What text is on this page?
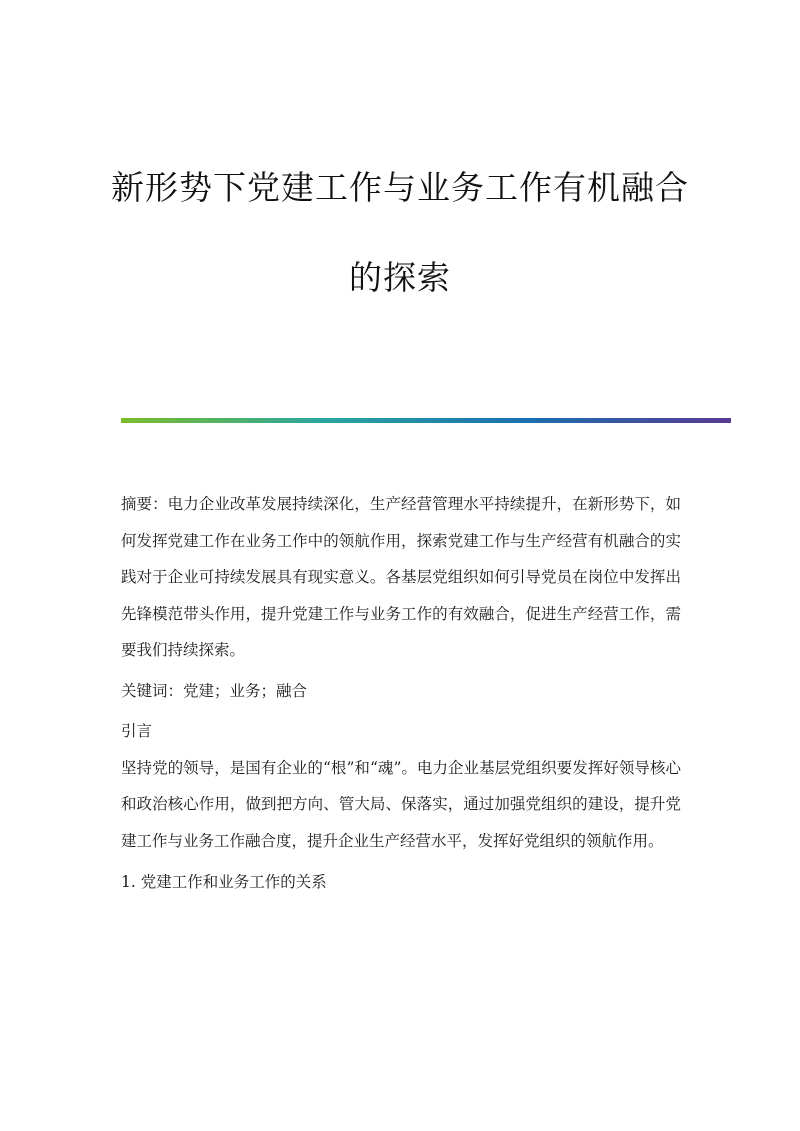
新形势下党建工作与业务工作有机融合
的探索

摘要：电力企业改革发展持续深化，生产经营管理水平持续提升，在新形势下，如何发挥党建工作在业务工作中的领航作用，探索党建工作与生产经营有机融合的实践对于企业可持续发展具有现实意义。各基层党组织如何引导党员在岗位中发挥出先锋模范带头作用，提升党建工作与业务工作的有效融合，促进生产经营工作，需要我们持续探索。

关键词：党建；业务；融合

引言

坚持党的领导，是国有企业的“根”和“魂”。电力企业基层党组织要发挥好领导核心和政治核心作用，做到把方向、管大局、保落实，通过加强党组织的建设，提升党建工作与业务工作融合度，提升企业生产经营水平，发挥好党组织的领航作用。

1. 党建工作和业务工作的关系
